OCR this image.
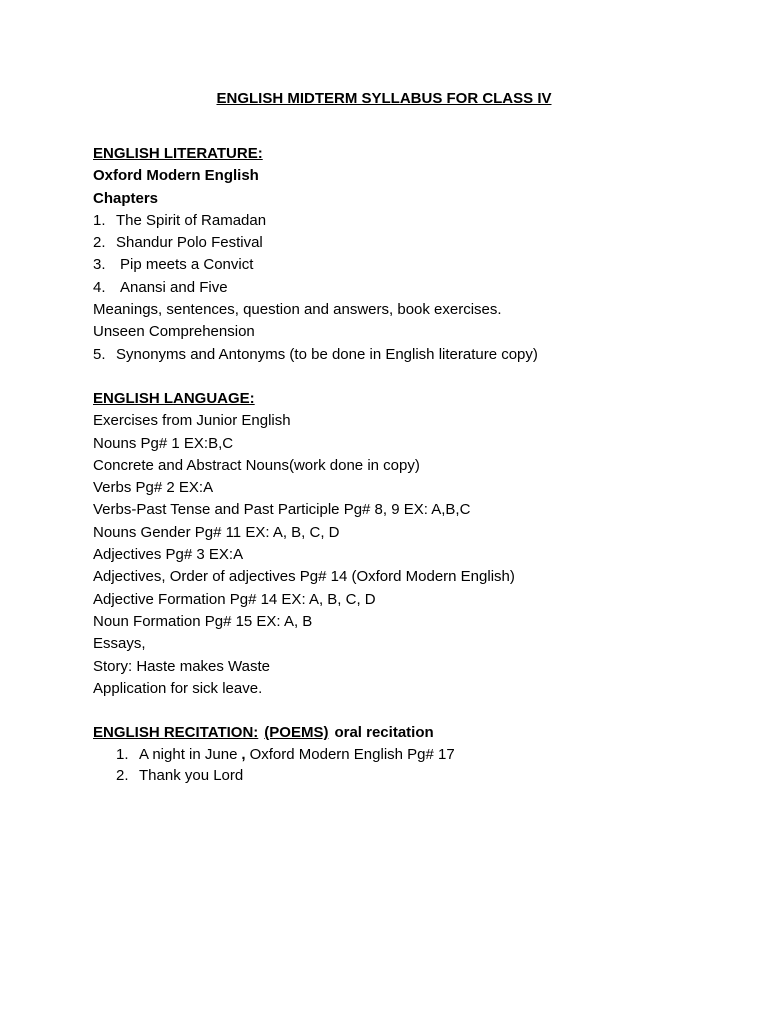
ENGLISH MIDTERM SYLLABUS FOR CLASS IV
ENGLISH LITERATURE:
Oxford Modern English
Chapters
1. The Spirit of Ramadan
2. Shandur Polo Festival
3. Pip meets a Convict
4. Anansi and Five
Meanings, sentences, question and answers, book exercises.
Unseen Comprehension
5. Synonyms and Antonyms (to be done in English literature copy)
ENGLISH LANGUAGE:
Exercises from Junior English
Nouns Pg# 1 EX:B,C
Concrete and Abstract Nouns(work done in copy)
Verbs Pg# 2 EX:A
Verbs-Past Tense and Past Participle Pg# 8, 9 EX: A,B,C
Nouns Gender Pg# 11 EX: A, B, C, D
Adjectives Pg# 3 EX:A
Adjectives, Order of adjectives Pg# 14 (Oxford Modern English)
Adjective Formation Pg# 14 EX: A, B, C, D
Noun Formation Pg# 15 EX: A, B
Essays,
Story: Haste makes Waste
Application for sick leave.
ENGLISH RECITATION: (POEMS) oral recitation
1. A night in June , Oxford Modern English Pg# 17
2. Thank you Lord
